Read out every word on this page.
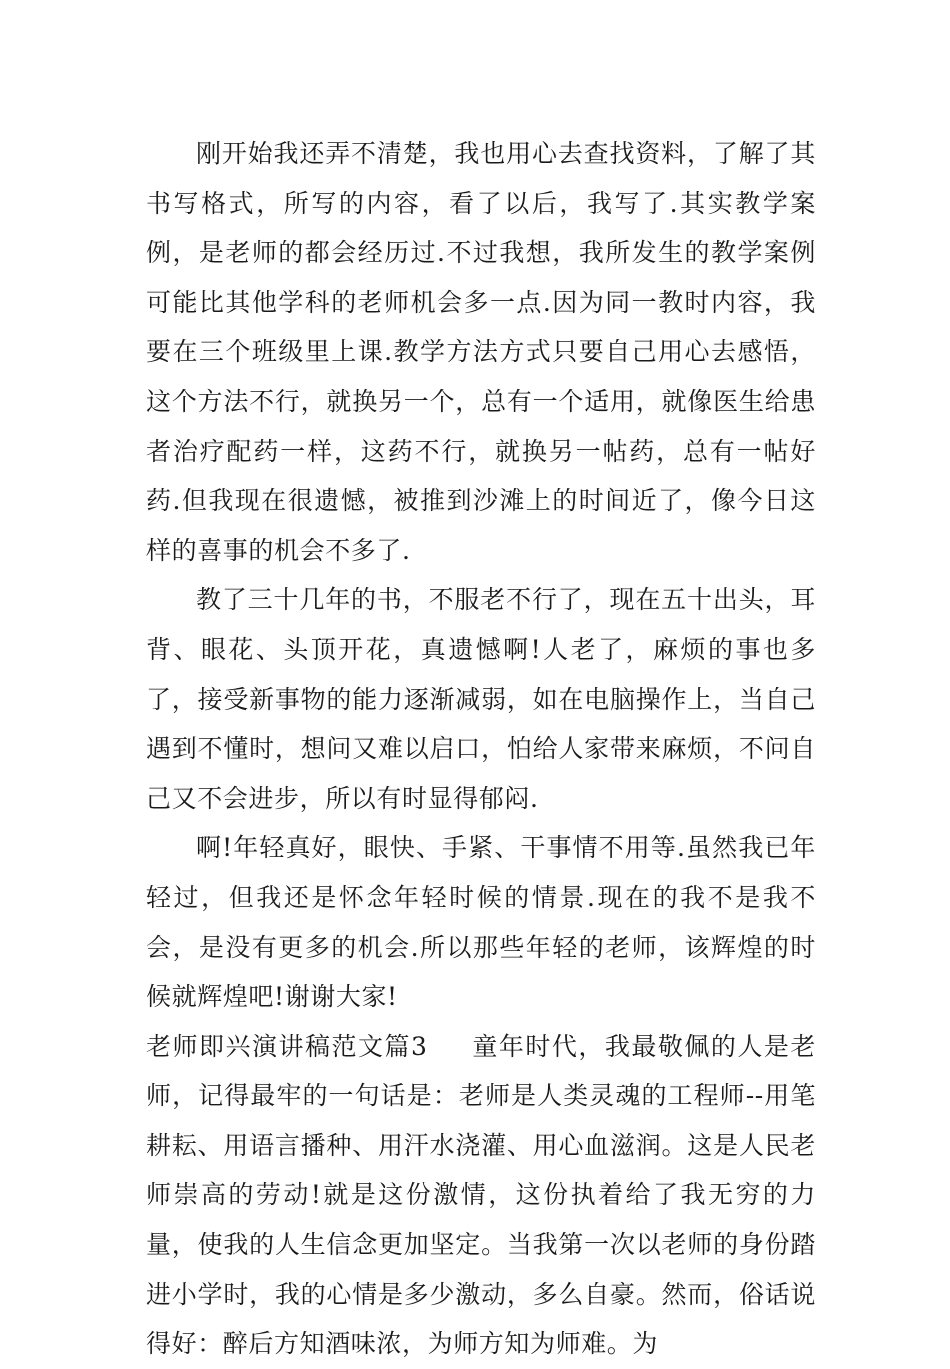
刚开始我还弄不清楚，我也用心去查找资料，了解了其书写格式，所写的内容，看了以后，我写了.其实教学案例，是老师的都会经历过.不过我想，我所发生的教学案例可能比其他学科的老师机会多一点.因为同一教时内容，我要在三个班级里上课.教学方法方式只要自己用心去感悟，这个方法不行，就换另一个，总有一个适用，就像医生给患者治疗配药一样，这药不行，就换另一帖药，总有一帖好药.但我现在很遗憾，被推到沙滩上的时间近了，像今日这样的喜事的机会不多了.

教了三十几年的书，不服老不行了，现在五十出头，耳背、眼花、头顶开花，真遗憾啊!人老了，麻烦的事也多了，接受新事物的能力逐渐减弱，如在电脑操作上，当自己遇到不懂时，想问又难以启口，怕给人家带来麻烦，不问自己又不会进步，所以有时显得郁闷.

啊!年轻真好，眼快、手紧、干事情不用等.虽然我已年轻过，但我还是怀念年轻时候的情景.现在的我不是我不会，是没有更多的机会.所以那些年轻的老师，该辉煌的时候就辉煌吧!谢谢大家!

老师即兴演讲稿范文篇3 童年时代，我最敬佩的人是老师，记得最牢的一句话是：老师是人类灵魂的工程师--用笔耕耘、用语言播种、用汗水浇灌、用心血滋润。这是人民老师崇高的劳动!就是这份激情，这份执着给了我无穷的力量，使我的人生信念更加坚定。当我第一次以老师的身份踏进小学时，我的心情是多少激动，多么自豪。然而，俗话说得好：醉后方知酒味浓，为师方知为师难。为
